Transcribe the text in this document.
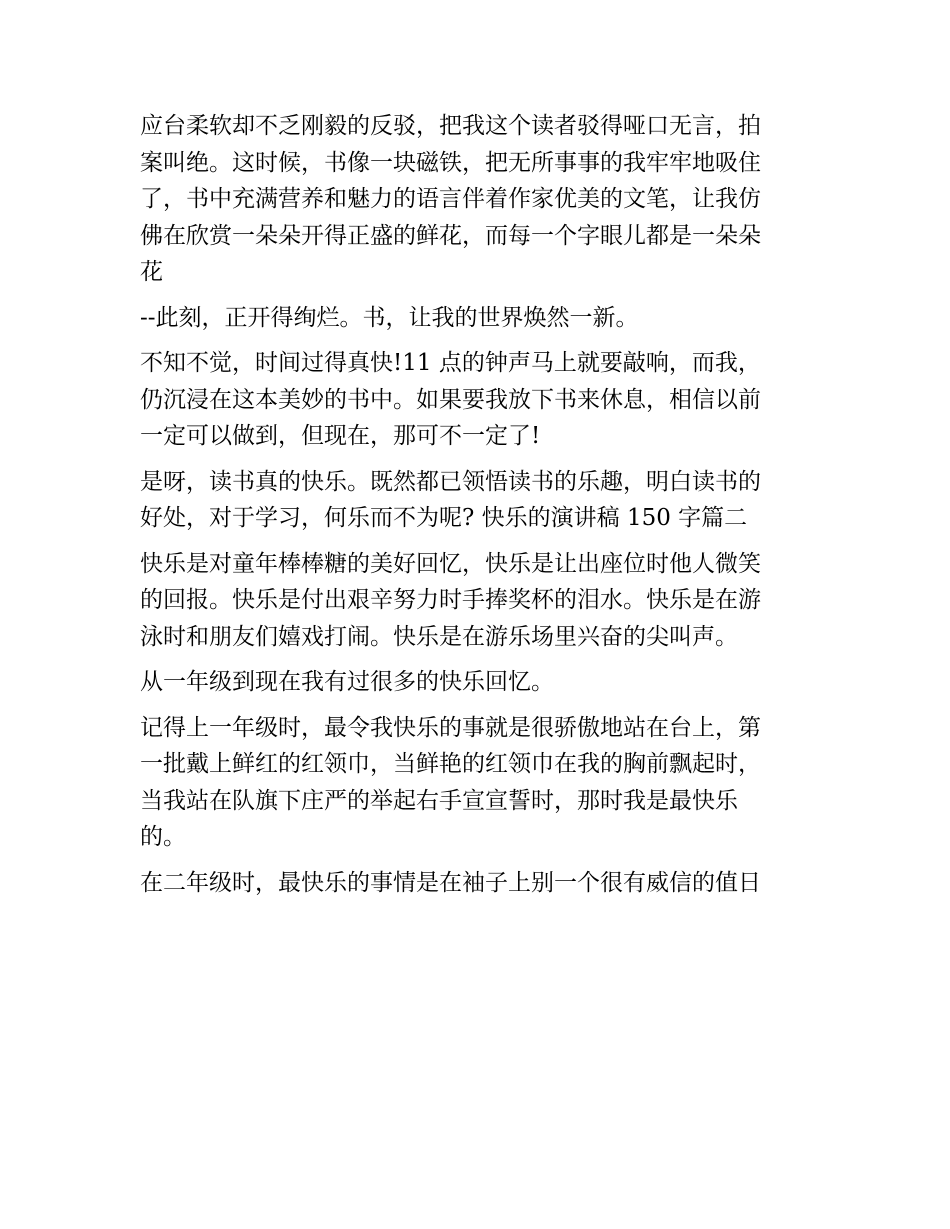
应台柔软却不乏刚毅的反驳，把我这个读者驳得哑口无言，拍
案叫绝。这时候，书像一块磁铁，把无所事事的我牢牢地吸住
了，书中充满营养和魅力的语言伴着作家优美的文笔，让我仿
佛在欣赏一朵朵开得正盛的鲜花，而每一个字眼儿都是一朵朵
花
--此刻，正开得绚烂。书，让我的世界焕然一新。
不知不觉，时间过得真快!11 点的钟声马上就要敲响，而我，
仍沉浸在这本美妙的书中。如果要我放下书来休息，相信以前
一定可以做到，但现在，那可不一定了!
是呀，读书真的快乐。既然都已领悟读书的乐趣，明白读书的
好处，对于学习，何乐而不为呢? 快乐的演讲稿 150 字篇二
快乐是对童年棒棒糖的美好回忆，快乐是让出座位时他人微笑
的回报。快乐是付出艰辛努力时手捧奖杯的泪水。快乐是在游
泳时和朋友们嬉戏打闹。快乐是在游乐场里兴奋的尖叫声。
从一年级到现在我有过很多的快乐回忆。
记得上一年级时，最令我快乐的事就是很骄傲地站在台上，第
一批戴上鲜红的红领巾，当鲜艳的红领巾在我的胸前飘起时，
当我站在队旗下庄严的举起右手宣宣誓时，那时我是最快乐
的。
在二年级时，最快乐的事情是在袖子上别一个很有威信的值日
